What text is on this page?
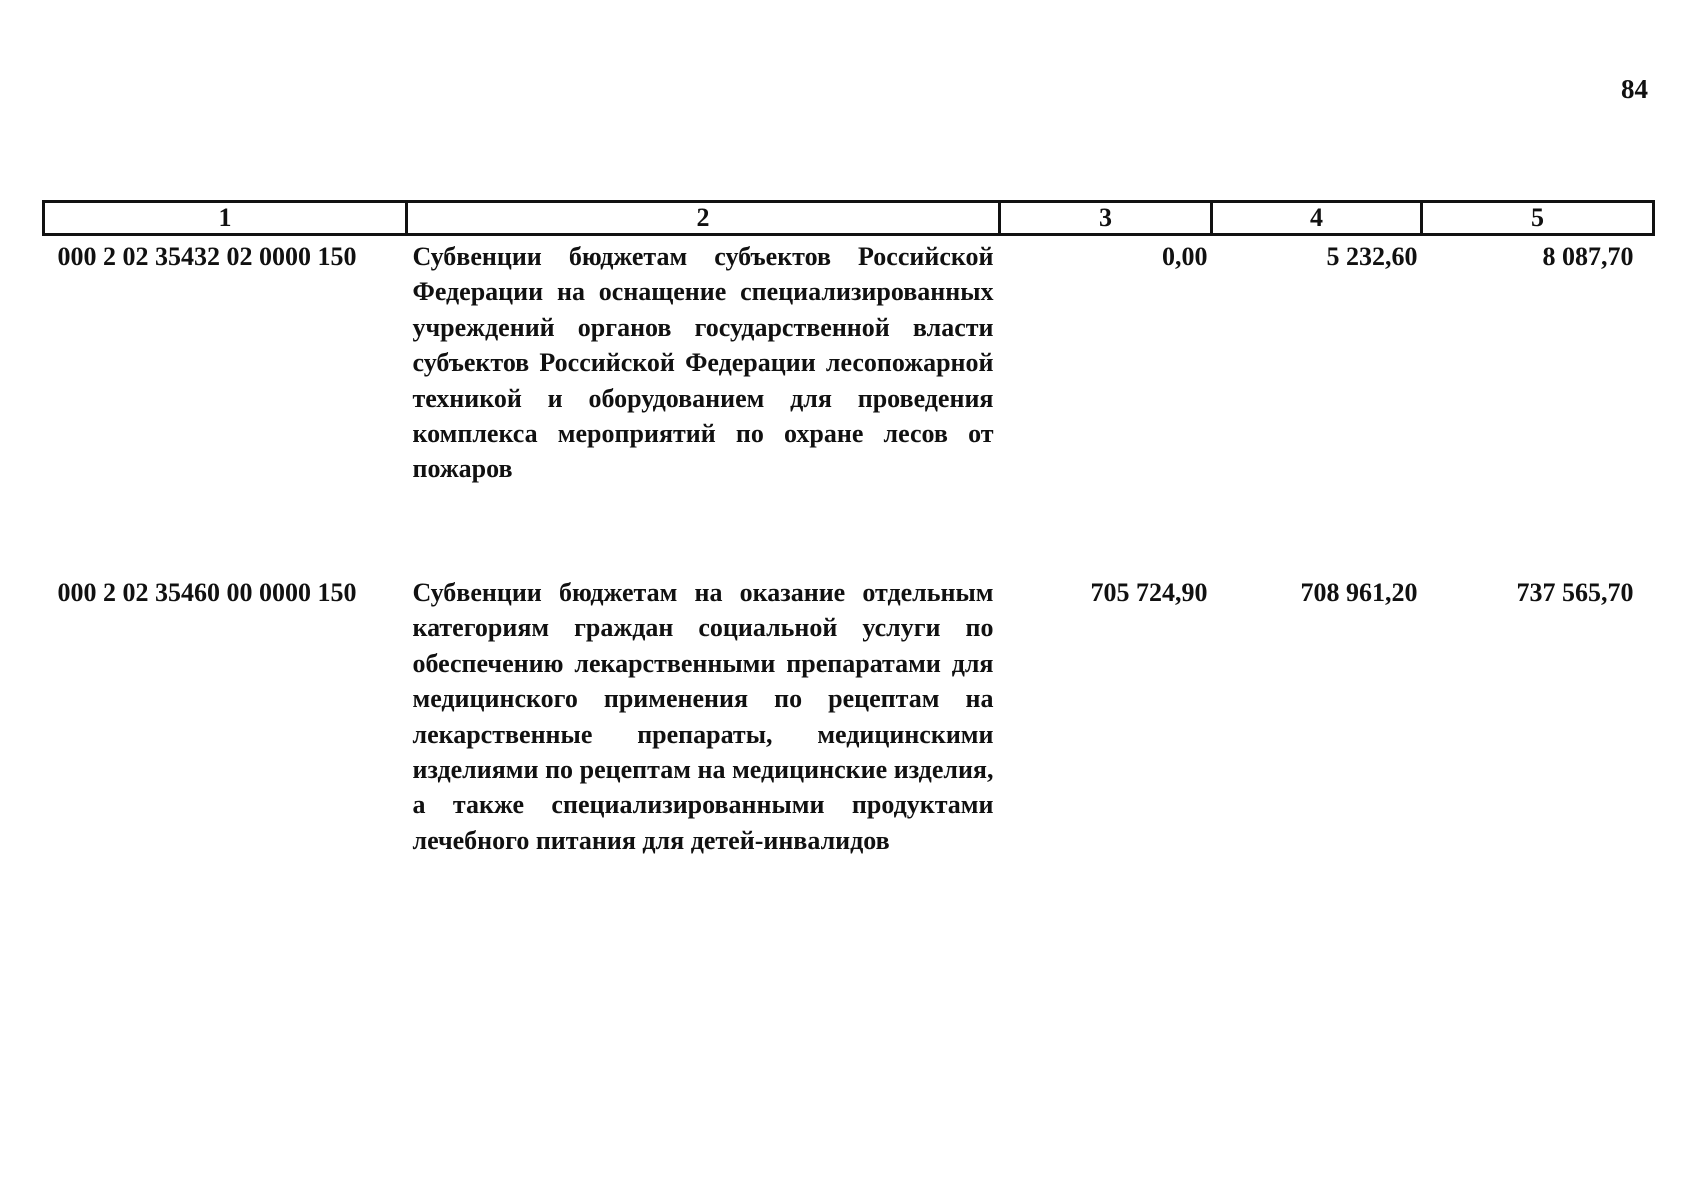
84
1	2	3	4	5
000 2 02 35432 02 0000 150	Субвенции бюджетам субъектов Российской Федерации на оснащение специализированных учреждений органов государственной власти субъектов Российской Федерации лесопожарной техникой и оборудованием для проведения комплекса мероприятий по охране лесов от пожаров	0,00	5 232,60	8 087,70
000 2 02 35460 00 0000 150	Субвенции бюджетам на оказание отдельным категориям граждан социальной услуги по обеспечению лекарственными препаратами для медицинского применения по рецептам на лекарственные препараты, медицинскими изделиями по рецептам на медицинские изделия, а также специализированными продуктами лечебного питания для детей-инвалидов	705 724,90	708 961,20	737 565,70
